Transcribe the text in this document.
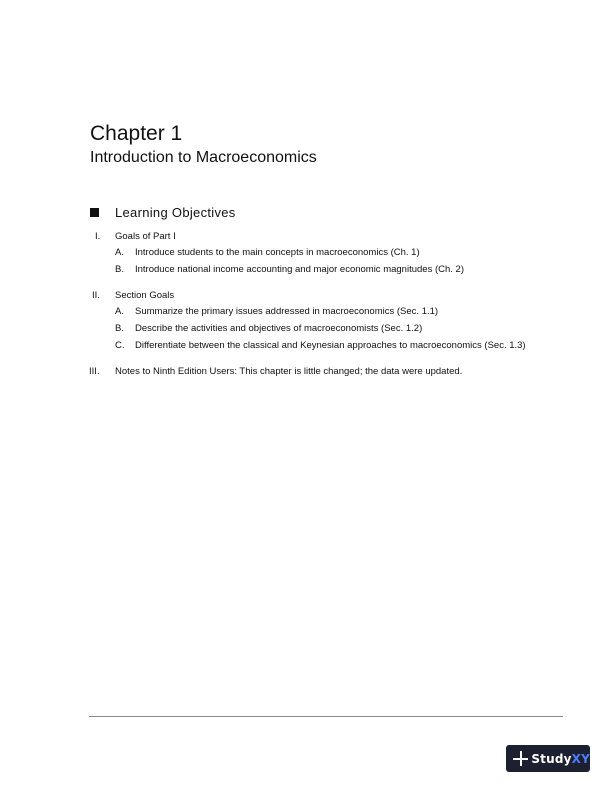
Chapter 1
Introduction to Macroeconomics
Learning Objectives
I.	Goals of Part I
A.	Introduce students to the main concepts in macroeconomics (Ch. 1)
B.	Introduce national income accounting and major economic magnitudes (Ch. 2)
II.	Section Goals
A.	Summarize the primary issues addressed in macroeconomics (Sec. 1.1)
B.	Describe the activities and objectives of macroeconomists (Sec. 1.2)
C.	Differentiate between the classical and Keynesian approaches to macroeconomics (Sec. 1.3)
III.	Notes to Ninth Edition Users: This chapter is little changed; the data were updated.
StudyXY
